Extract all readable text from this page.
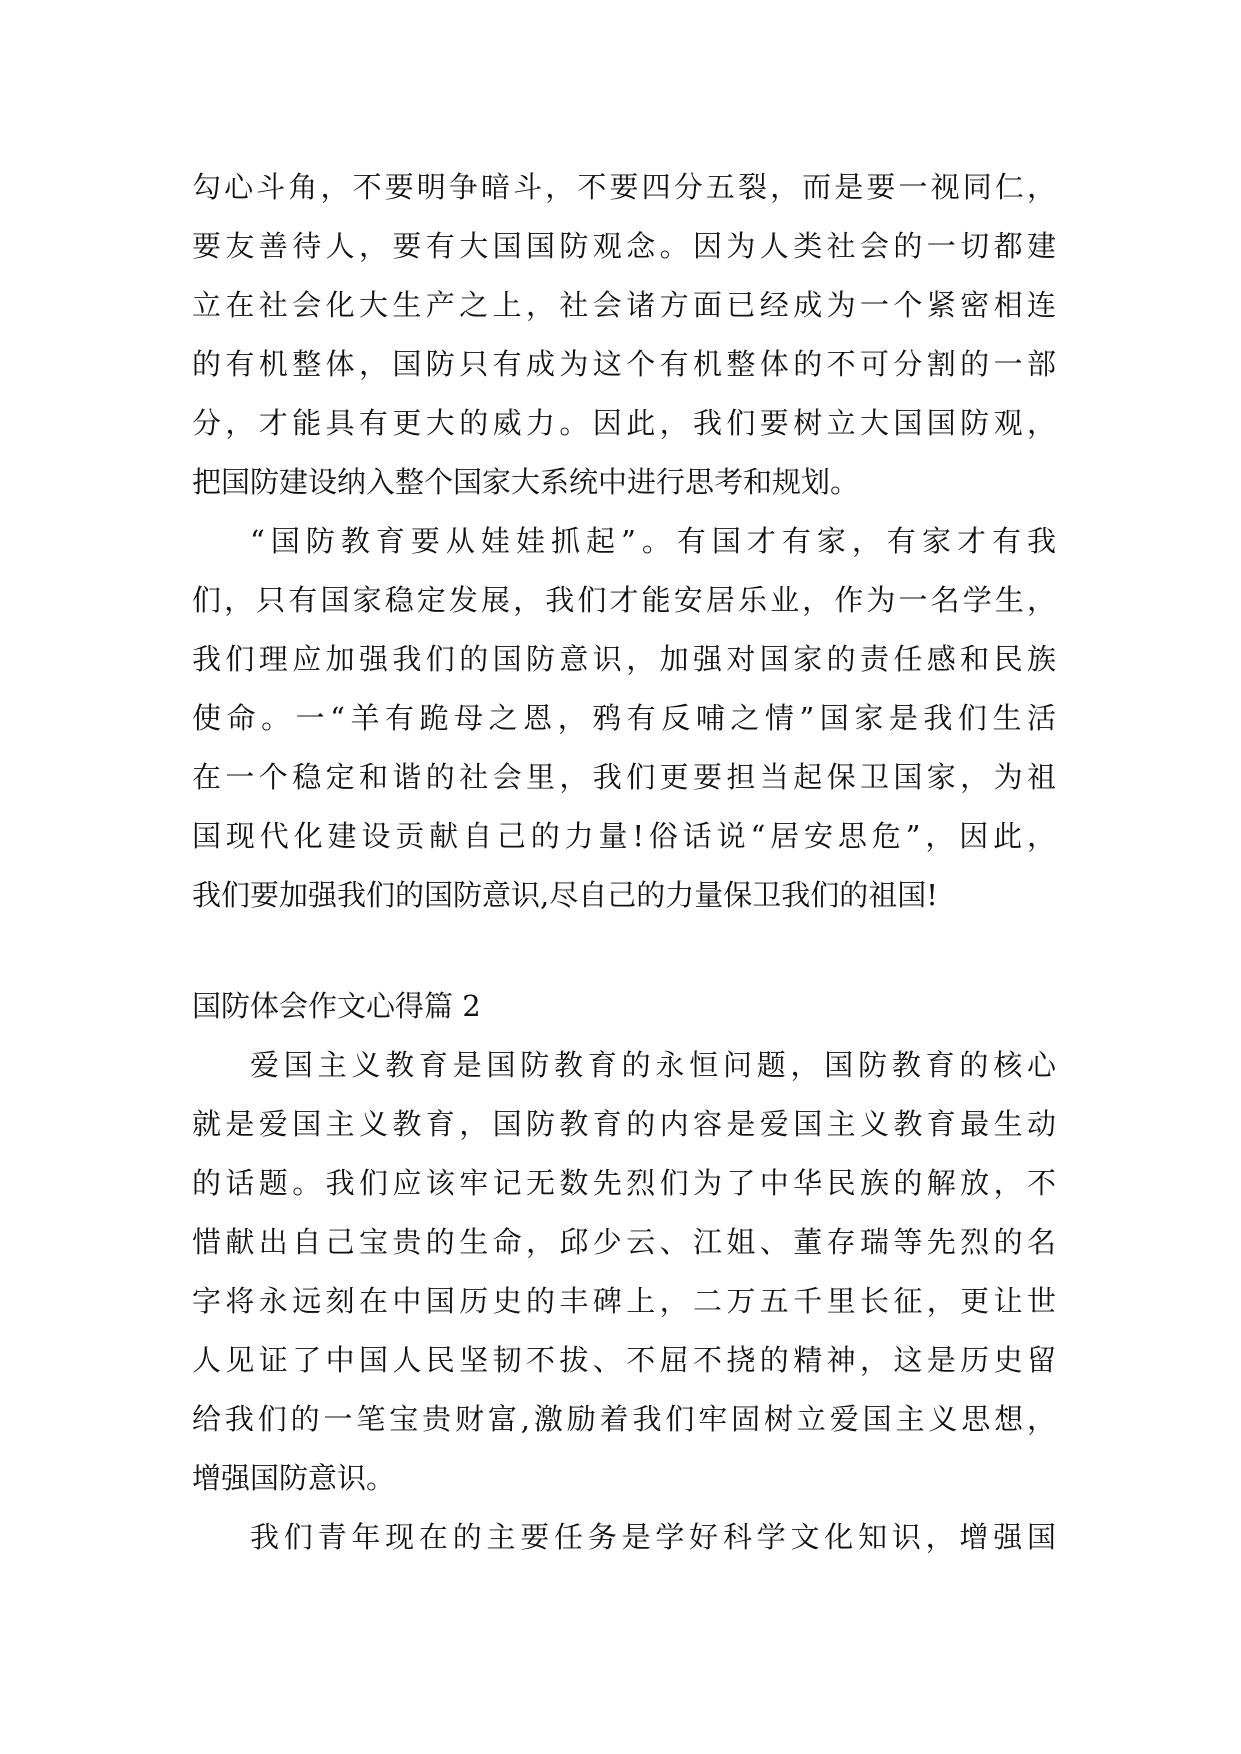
勾心斗角，不要明争暗斗，不要四分五裂，而是要一视同仁，
要友善待人，要有大国国防观念。因为人类社会的一切都建
立在社会化大生产之上，社会诸方面已经成为一个紧密相连
的有机整体，国防只有成为这个有机整体的不可分割的一部
分，才能具有更大的威力。因此，我们要树立大国国防观，
把国防建设纳入整个国家大系统中进行思考和规划。
“国防教育要从娃娃抓起”。有国才有家，有家才有我
们，只有国家稳定发展，我们才能安居乐业，作为一名学生，
我们理应加强我们的国防意识，加强对国家的责任感和民族
使命。一“羊有跪母之恩，鸦有反哺之情”国家是我们生活
在一个稳定和谐的社会里，我们更要担当起保卫国家，为祖
国现代化建设贡献自己的力量!俗话说“居安思危”，因此，
我们要加强我们的国防意识,尽自己的力量保卫我们的祖国!
国防体会作文心得篇 2
爱国主义教育是国防教育的永恒问题，国防教育的核心
就是爱国主义教育，国防教育的内容是爱国主义教育最生动
的话题。我们应该牢记无数先烈们为了中华民族的解放，不
惜献出自己宝贵的生命，邱少云、江姐、董存瑞等先烈的名
字将永远刻在中国历史的丰碑上，二万五千里长征，更让世
人见证了中国人民坚韧不拔、不屈不挠的精神，这是历史留
给我们的一笔宝贵财富,激励着我们牢固树立爱国主义思想，
增强国防意识。
我们青年现在的主要任务是学好科学文化知识，增强国
